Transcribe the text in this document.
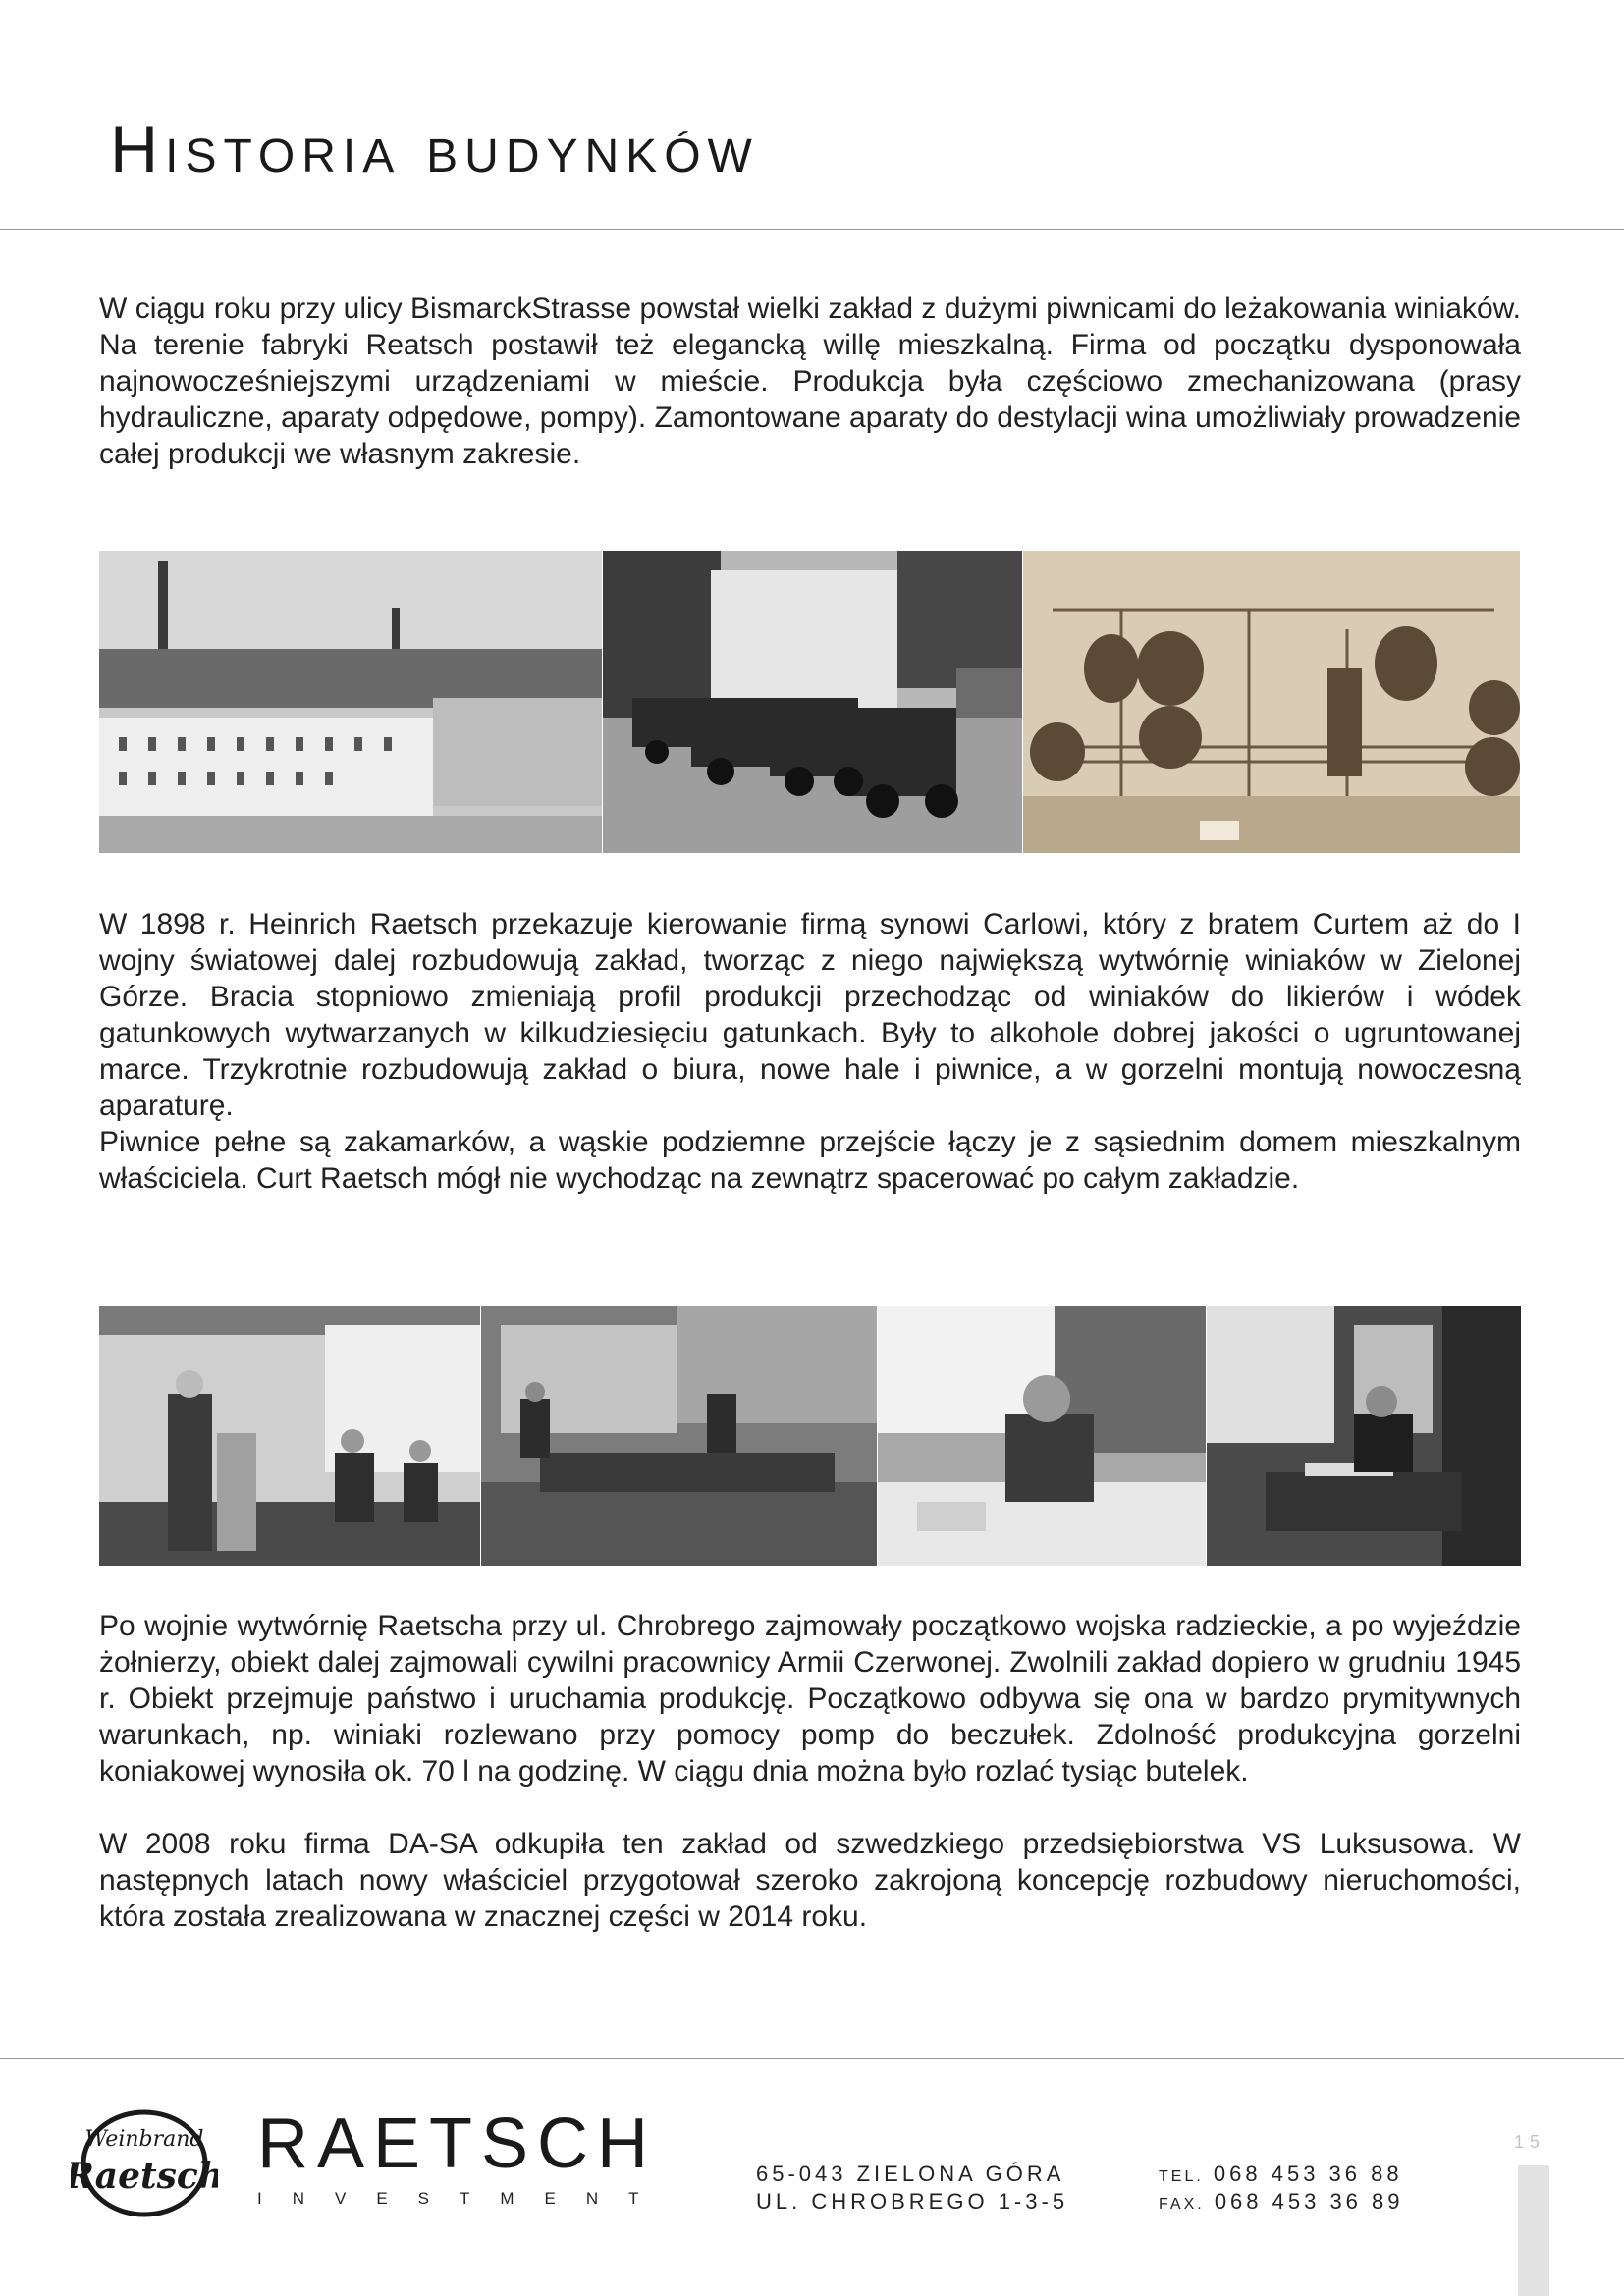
Historia budynków

W ciągu roku przy ulicy BismarckStrasse powstał wielki zakład z dużymi piwnicami do leżakowania winiaków. Na terenie fabryki Reatsch postawił też elegancką willę mieszkalną. Firma od początku dysponowała najnowocześniejszymi urządzeniami w mieście. Produkcja była częściowo zmechanizowana (prasy hydrauliczne, aparaty odpędowe, pompy). Zamontowane aparaty do destylacji wina umożliwiały prowadzenie całej produkcji we własnym zakresie.

W 1898 r. Heinrich Raetsch przekazuje kierowanie firmą synowi Carlowi, który z bratem Curtem aż do I wojny światowej dalej rozbudowują zakład, tworząc z niego największą wytwórnię winiaków w Zielonej Górze. Bracia stopniowo zmieniają profil produkcji przechodząc od winiaków do likierów i wódek gatunkowych wytwarzanych w kilkudziesięciu gatunkach. Były to alkohole dobrej jakości o ugruntowanej marce. Trzykrotnie rozbudowują zakład o biura, nowe hale i piwnice, a w gorzelni montują nowoczesną aparaturę.

Piwnice pełne są zakamarków, a wąskie podziemne przejście łączy je z sąsiednim domem mieszkalnym właściciela. Curt Raetsch mógł nie wychodząc na zewnątrz spacerować po całym zakładzie.

Po wojnie wytwórnię Raetscha przy ul. Chrobrego zajmowały początkowo wojska radzieckie, a po wyjeździe żołnierzy, obiekt dalej zajmowali cywilni pracownicy Armii Czerwonej. Zwolnili zakład dopiero w grudniu 1945 r. Obiekt przejmuje państwo i uruchamia produkcję. Początkowo odbywa się ona w bardzo prymitywnych warunkach, np. winiaki rozlewano przy pomocy pomp do beczułek. Zdolność produkcyjna gorzelni koniakowej wynosiła ok. 70 l na godzinę. W ciągu dnia można było rozlać tysiąc butelek.

W 2008 roku firma DA-SA odkupiła ten zakład od szwedzkiego przedsiębiorstwa VS Luksusowa. W następnych latach nowy właściciel przygotował szeroko zakrojoną koncepcję rozbudowy nieruchomości, która została zrealizowana w znacznej części w 2014 roku.

Weinbrand
Raetsch RAETSCH
INVESTMENT
65-043 ZIELONA GÓRA
UL. CHROBREGO 1-3-5
TEL. 068 453 36 88
FAX. 068 453 36 89
15
